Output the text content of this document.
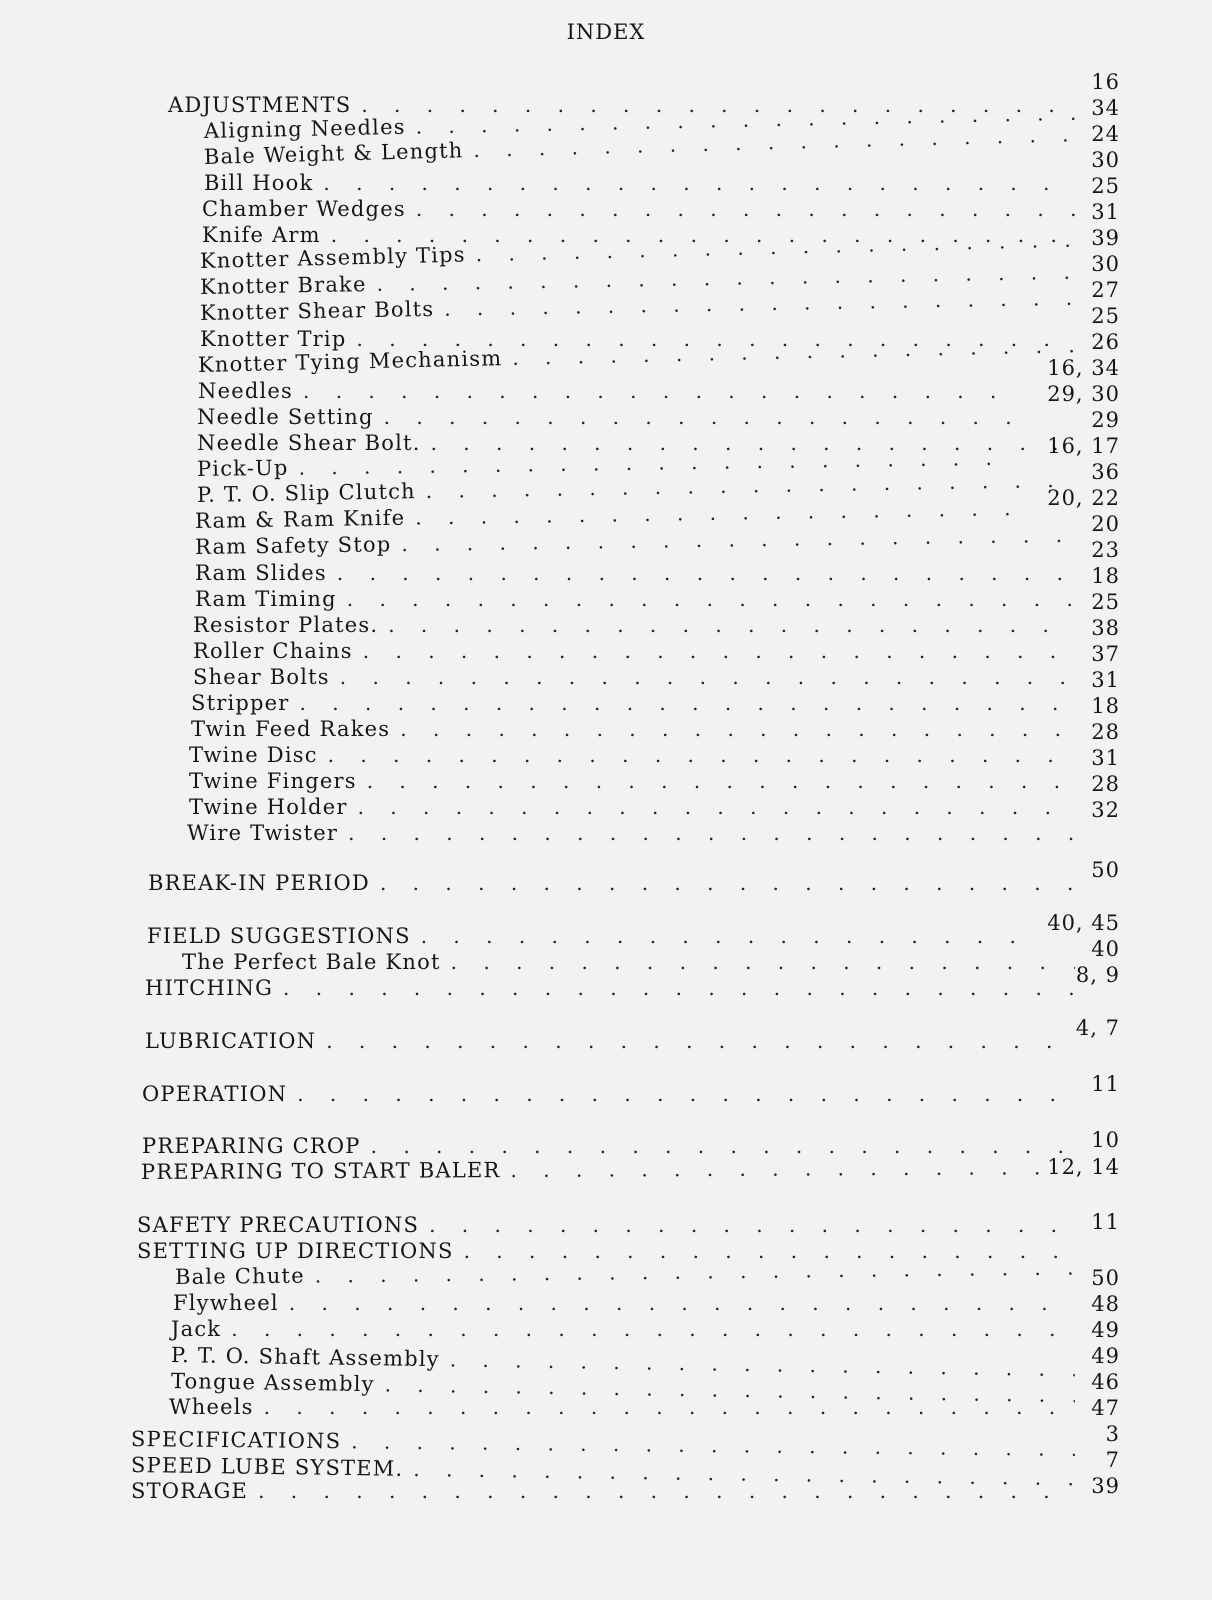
INDEX
ADJUSTMENTS
. . .
Aligning Needles
. . .
Bale Weight & Length
. . .
Bill Hook
. . .
Chamber Wedges
. . .
Knife Arm
. . .
Knotter Assembly Tips
. . .
Knotter Brake
. . .
Knotter Shear Bolts
. . .
Knotter Trip
. . .
Knotter Tying Mechanism
. . .
Needles
. . .
Needle Setting
. . .
Needle Shear Bolt.
. . .
Pick-Up
. . .
P. T. O. Slip Clutch
. . .
Ram & Ram Knife
. . .
Ram Safety Stop
. . .
Ram Slides
. . .
Ram Timing
. . .
Resistor Plates.
. . .
Roller Chains
. . .
Shear Bolts
. . .
Stripper
. . .
Twin Feed Rakes
. . .
Twine Disc
. . .
Twine Fingers
. . .
Twine Holder
. . .
Wire Twister
. . .
BREAK-IN PERIOD
. . .
FIELD SUGGESTIONS
. . .
The Perfect Bale Knot
. . .
HITCHING
. . .
LUBRICATION
. . .
OPERATION
. . .
PREPARING CROP
. . .
PREPARING TO START BALER
. . .
SAFETY PRECAUTIONS
. . .
SETTING UP DIRECTIONS
. . .
Bale Chute
. . .
Flywheel
. . .
Jack
. . .
P. T. O. Shaft Assembly
. . .
Tongue Assembly
. . .
Wheels
. . .
SPECIFICATIONS
. . .
SPEED LUBE SYSTEM.
. . .
STORAGE
. . .
16
34
24
30
25
31
39
30
27
25
26
16, 34
29, 30
29
16, 17
36
20, 22
20
23
18
25
38
37
31
18
28
31
28
32
50
40, 45
40
8, 9
4, 7
11
10
12, 14
11
50
48
49
49
46
47
3
7
39
